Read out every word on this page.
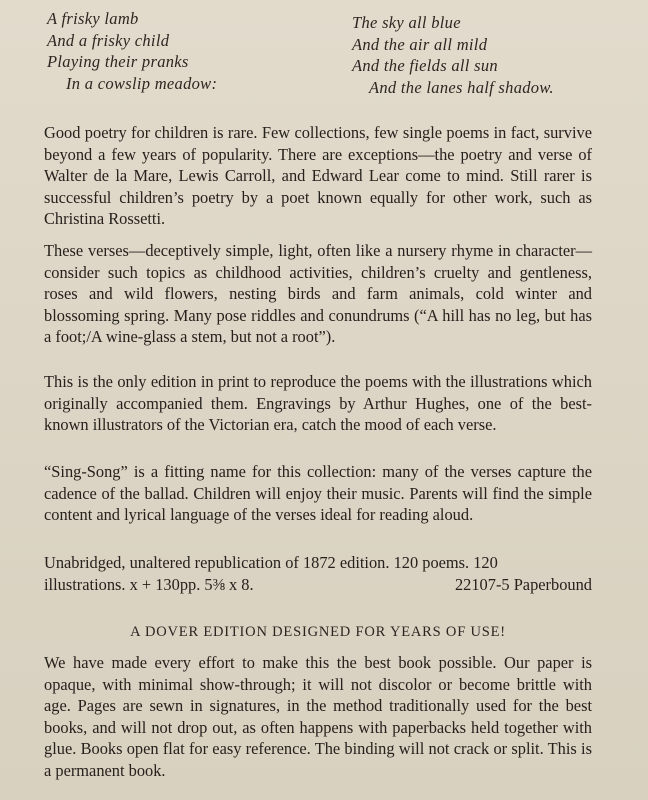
A frisky lamb
And a frisky child
Playing their pranks
In a cowslip meadow:
The sky all blue
And the air all mild
And the fields all sun
And the lanes half shadow.
Good poetry for children is rare. Few collections, few single poems in fact, survive beyond a few years of popularity. There are exceptions—the poetry and verse of Walter de la Mare, Lewis Carroll, and Edward Lear come to mind. Still rarer is successful children’s poetry by a poet known equally for other work, such as Christina Rossetti.
These verses—deceptively simple, light, often like a nursery rhyme in character—consider such topics as childhood activities, children’s cruelty and gentleness, roses and wild flowers, nesting birds and farm animals, cold winter and blossoming spring. Many pose riddles and conundrums (“A hill has no leg, but has a foot;/A wine-glass a stem, but not a root”).
This is the only edition in print to reproduce the poems with the illustrations which originally accompanied them. Engravings by Arthur Hughes, one of the best-known illustrators of the Victorian era, catch the mood of each verse.
“Sing-Song” is a fitting name for this collection: many of the verses capture the cadence of the ballad. Children will enjoy their music. Parents will find the simple content and lyrical language of the verses ideal for reading aloud.
Unabridged, unaltered republication of 1872 edition. 120 poems. 120
illustrations. x + 130pp. 5⅜ x 8.	22107-5 Paperbound
A DOVER EDITION DESIGNED FOR YEARS OF USE!
We have made every effort to make this the best book possible. Our paper is opaque, with minimal show-through; it will not discolor or become brittle with age. Pages are sewn in signatures, in the method traditionally used for the best books, and will not drop out, as often happens with paperbacks held together with glue. Books open flat for easy reference. The binding will not crack or split. This is a permanent book.
